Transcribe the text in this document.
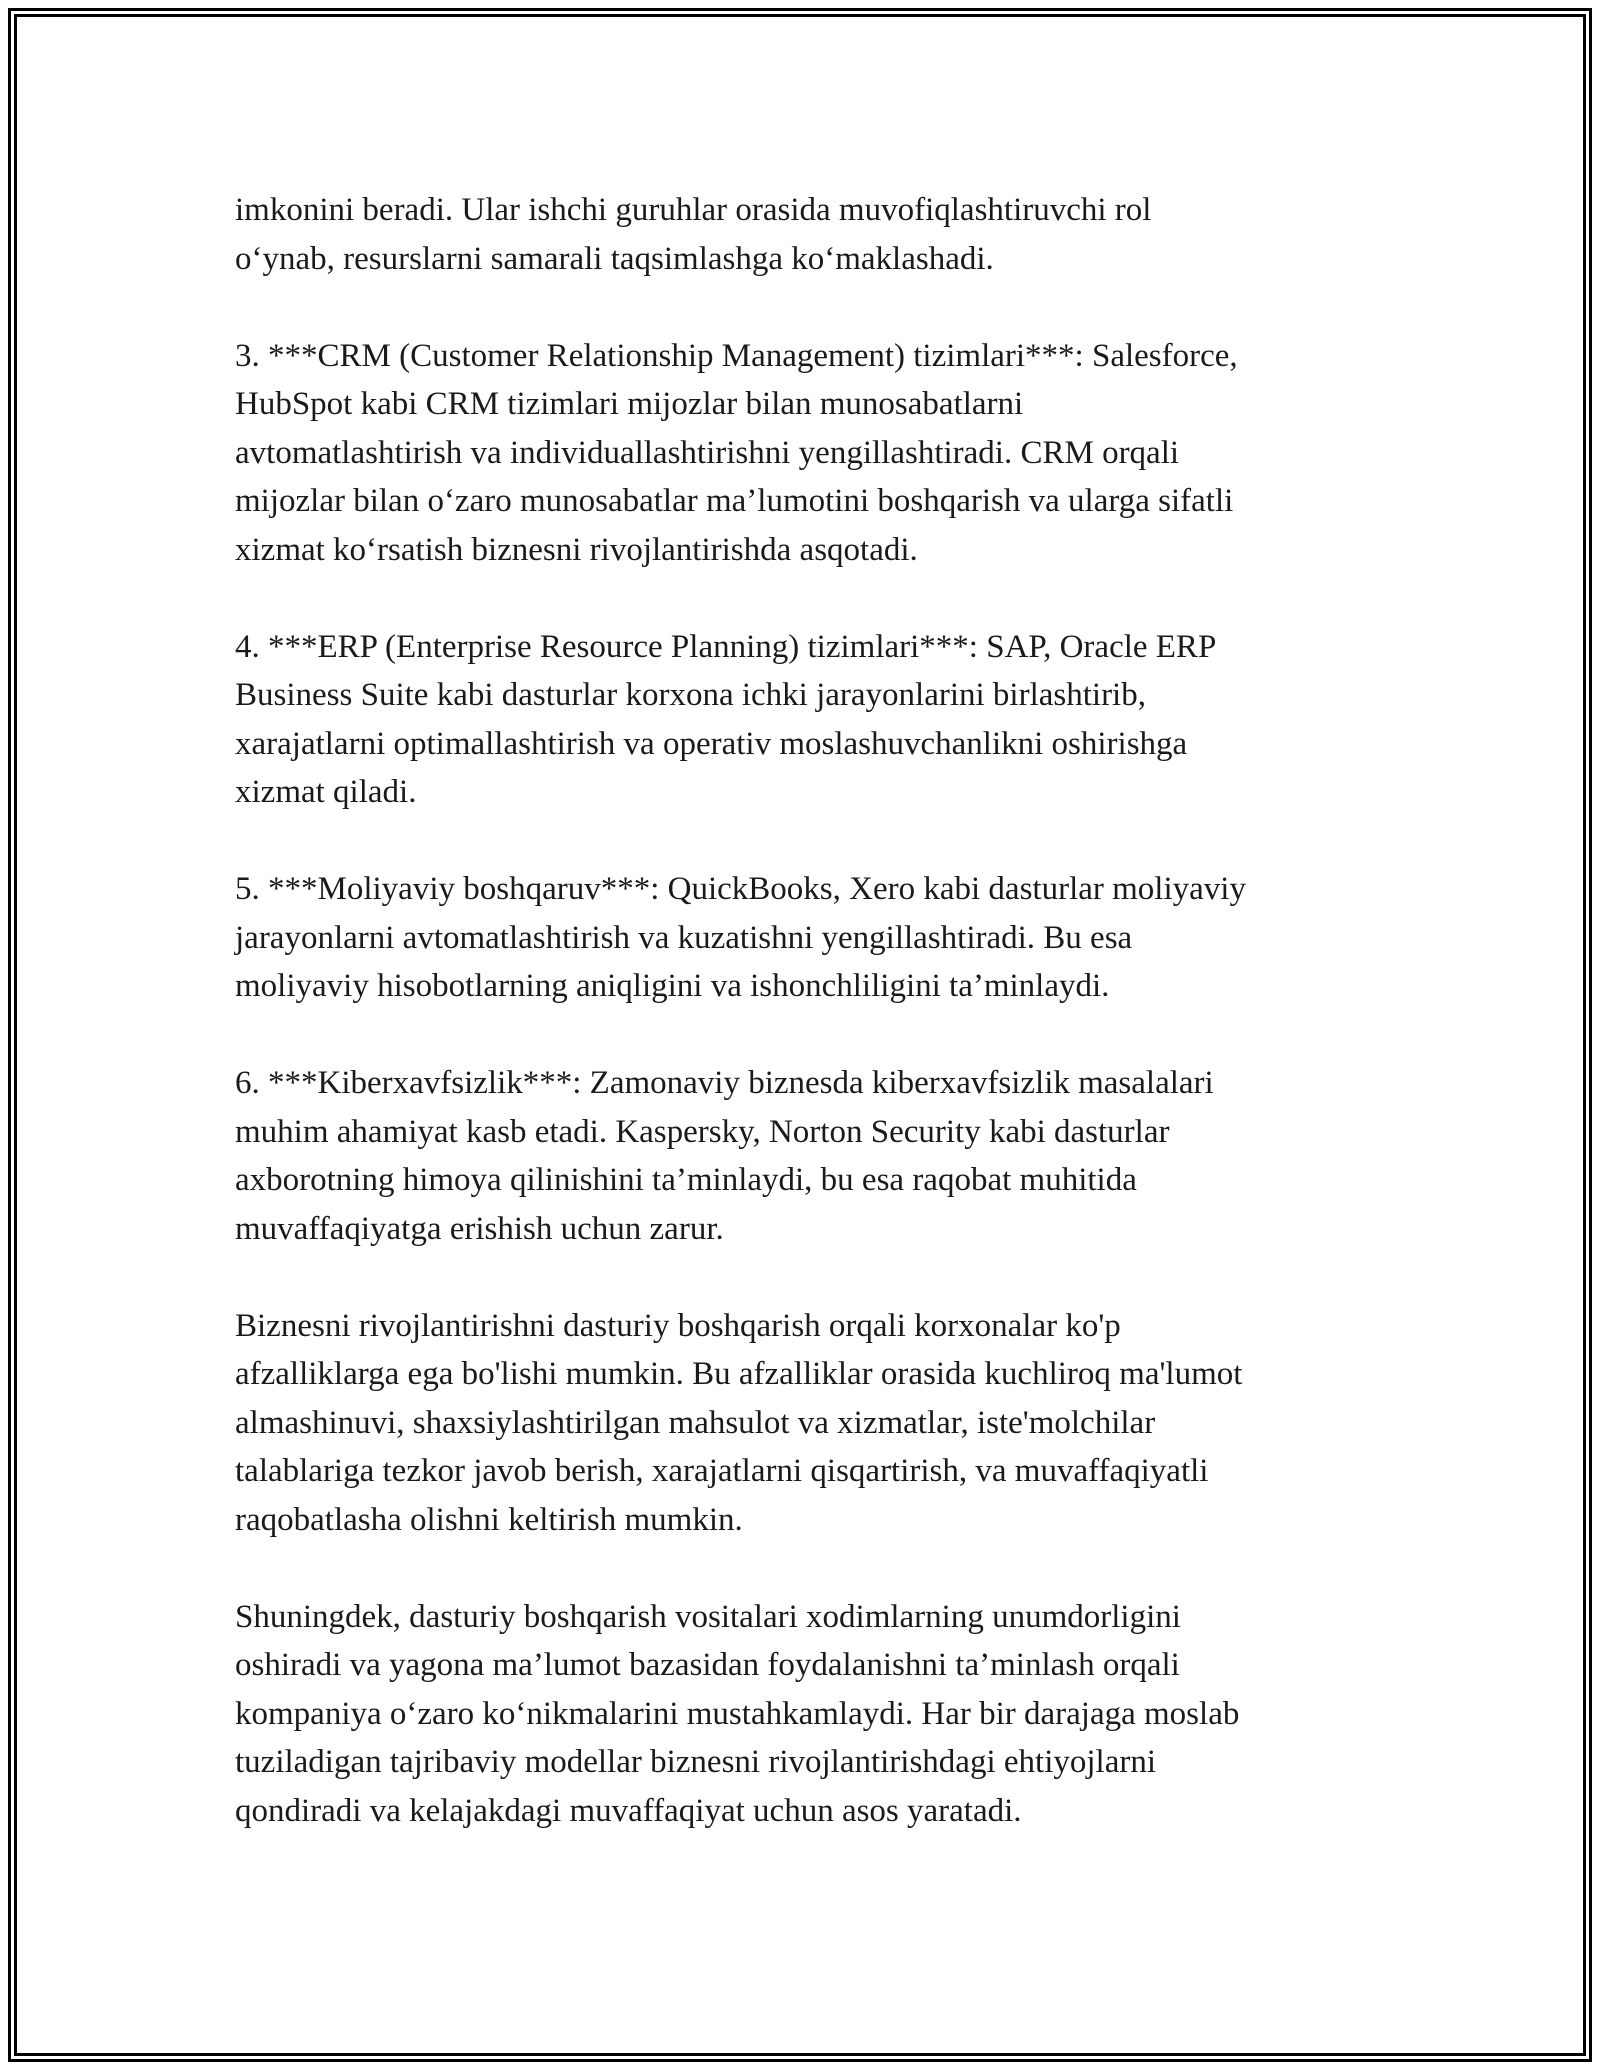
imkonini beradi. Ular ishchi guruhlar orasida muvofiqlashtiruvchi rol
o‘ynab, resurslarni samarali taqsimlashga ko‘maklashadi.

3. ***CRM (Customer Relationship Management) tizimlari***: Salesforce,
HubSpot kabi CRM tizimlari mijozlar bilan munosabatlarni
avtomatlashtirish va individuallashtirishni yengillashtiradi. CRM orqali
mijozlar bilan o‘zaro munosabatlar ma’lumotini boshqarish va ularga sifatli
xizmat ko‘rsatish biznesni rivojlantirishda asqotadi.

4. ***ERP (Enterprise Resource Planning) tizimlari***: SAP, Oracle ERP
Business Suite kabi dasturlar korxona ichki jarayonlarini birlashtirib,
xarajatlarni optimallashtirish va operativ moslashuvchanlikni oshirishga
xizmat qiladi.

5. ***Moliyaviy boshqaruv***: QuickBooks, Xero kabi dasturlar moliyaviy
jarayonlarni avtomatlashtirish va kuzatishni yengillashtiradi. Bu esa
moliyaviy hisobotlarning aniqligini va ishonchliligini ta’minlaydi.

6. ***Kiberxavfsizlik***: Zamonaviy biznesda kiberxavfsizlik masalalari
muhim ahamiyat kasb etadi. Kaspersky, Norton Security kabi dasturlar
axborotning himoya qilinishini ta’minlaydi, bu esa raqobat muhitida
muvaffaqiyatga erishish uchun zarur.

Biznesni rivojlantirishni dasturiy boshqarish orqali korxonalar ko'p
afzalliklarga ega bo'lishi mumkin. Bu afzalliklar orasida kuchliroq ma'lumot
almashinuvi, shaxsiylashtirilgan mahsulot va xizmatlar, iste'molchilar
talablariga tezkor javob berish, xarajatlarni qisqartirish, va muvaffaqiyatli
raqobatlasha olishni keltirish mumkin.

Shuningdek, dasturiy boshqarish vositalari xodimlarning unumdorligini
oshiradi va yagona ma’lumot bazasidan foydalanishni ta’minlash orqali
kompaniya o‘zaro ko‘nikmalarini mustahkamlaydi. Har bir darajaga moslab
tuziladigan tajribaviy modellar biznesni rivojlantirishdagi ehtiyojlarni
qondiradi va kelajakdagi muvaffaqiyat uchun asos yaratadi.
